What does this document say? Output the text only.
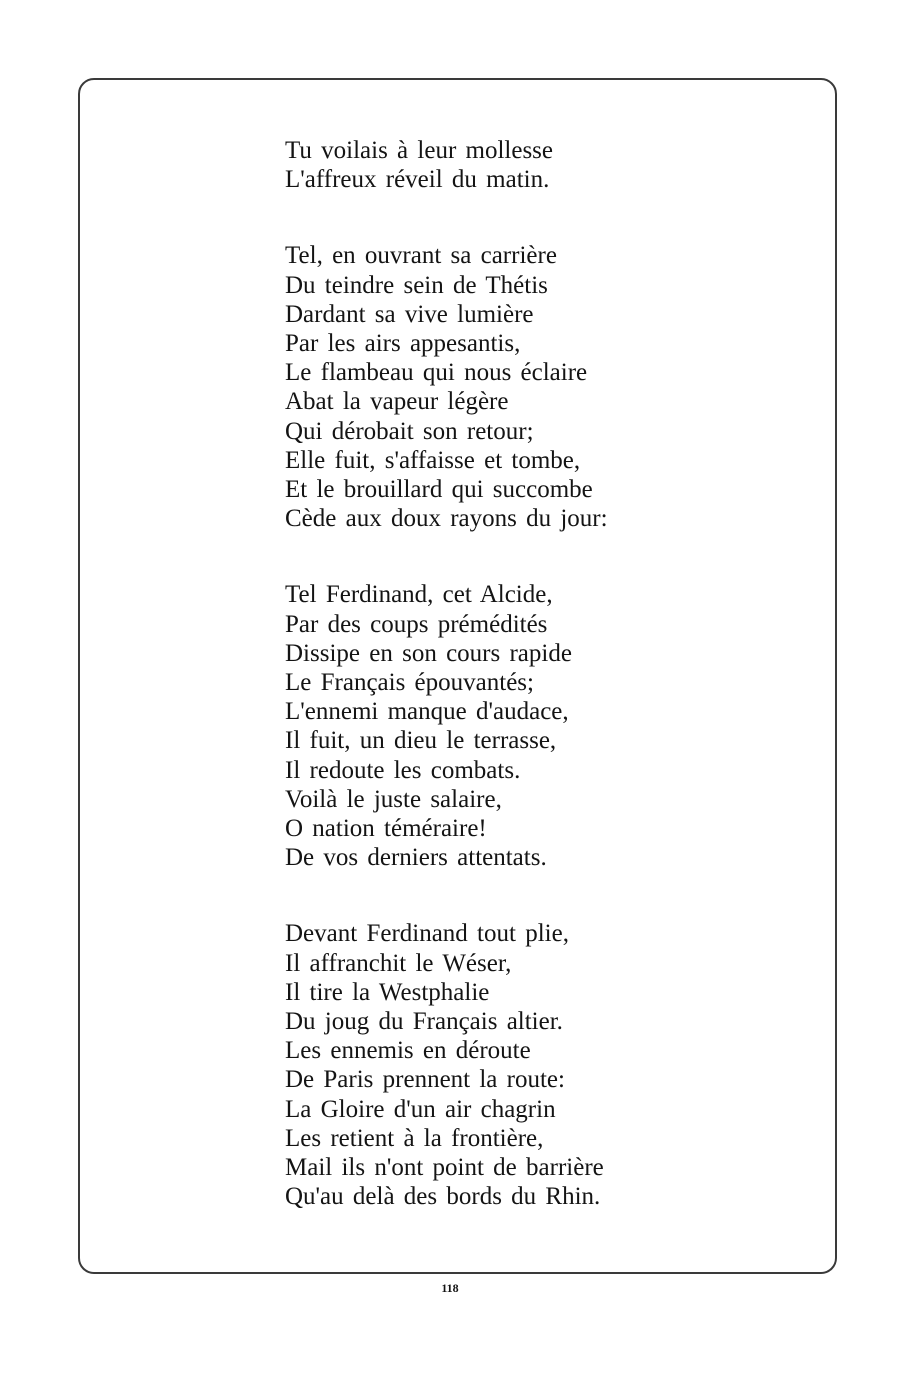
Tu voilais à leur mollesse
L'affreux réveil du matin.
Tel, en ouvrant sa carrière
Du teindre sein de Thétis
Dardant sa vive lumière
Par les airs appesantis,
Le flambeau qui nous éclaire
Abat la vapeur légère
Qui dérobait son retour;
Elle fuit, s'affaisse et tombe,
Et le brouillard qui succombe
Cède aux doux rayons du jour:
Tel Ferdinand, cet Alcide,
Par des coups prémédités
Dissipe en son cours rapide
Le Français épouvantés;
L'ennemi manque d'audace,
Il fuit, un dieu le terrasse,
Il redoute les combats.
Voilà le juste salaire,
O nation téméraire!
De vos derniers attentats.
Devant Ferdinand tout plie,
Il affranchit le Wéser,
Il tire la Westphalie
Du joug du Français altier.
Les ennemis en déroute
De Paris prennent la route:
La Gloire d'un air chagrin
Les retient à la frontière,
Mail ils n'ont point de barrière
Qu'au delà des bords du Rhin.
118
